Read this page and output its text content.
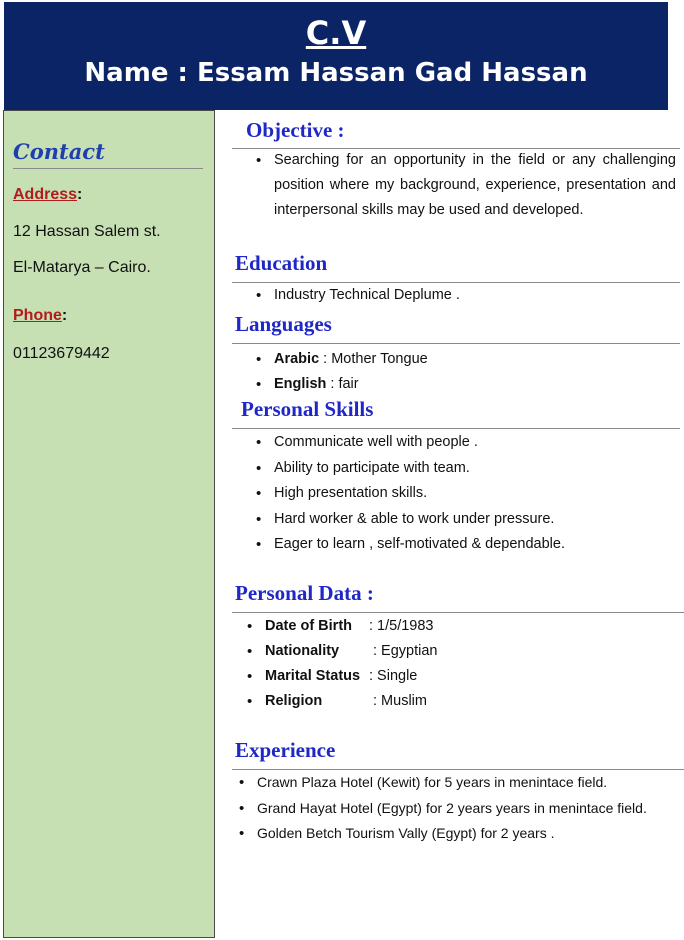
C.V
Name : Essam Hassan Gad Hassan
Contact
Address:
12 Hassan Salem st.
El-Matarya – Cairo.
Phone:
01123679442
Objective :
• Searching for an opportunity in the field or any challenging position where my background, experience, presentation and interpersonal skills may be used and developed.
Education
• Industry Technical Deplume .
Languages
• Arabic : Mother Tongue
• English : fair
Personal Skills
• Communicate well with people .
• Ability to participate with team.
• High presentation skills.
• Hard worker & able to work under pressure.
• Eager to learn , self-motivated & dependable.
Personal Data :
• Date of Birth : 1/5/1983
• Nationality : Egyptian
• Marital Status : Single
• Religion	: Muslim
Experience
• Crawn Plaza Hotel (Kewit) for 5 years in menintace field.
• Grand Hayat Hotel (Egypt) for 2 years years in menintace field.
• Golden Betch Tourism Vally (Egypt) for 2 years .
